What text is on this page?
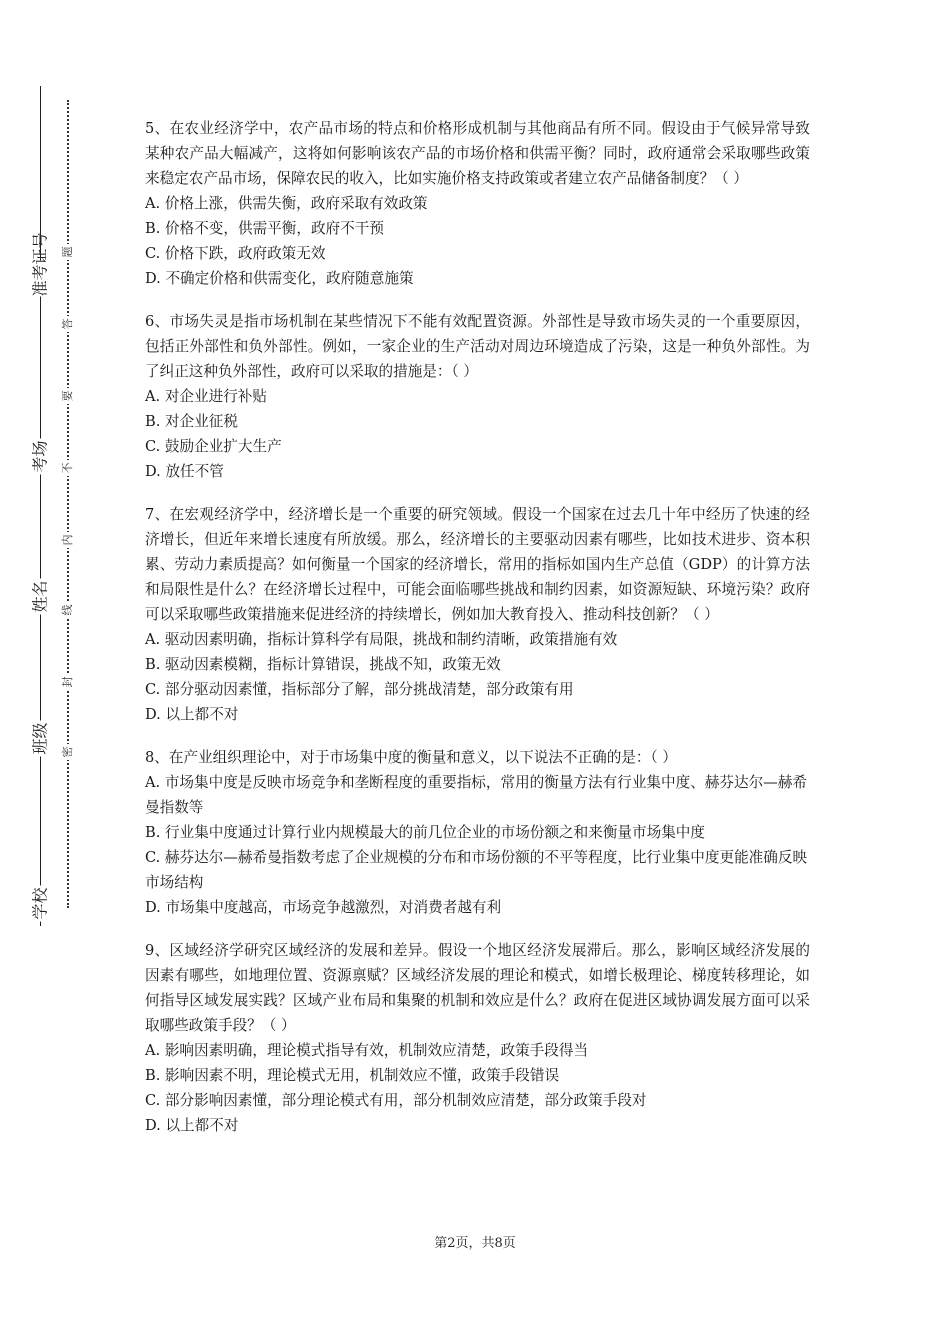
准考证号
考场
姓名
班级
学校
题
答
要
不
内
线
封
密

5、在农业经济学中，农产品市场的特点和价格形成机制与其他商品有所不同。假设由于气候异常导致某种农产品大幅减产，这将如何影响该农产品的市场价格和供需平衡？同时，政府通常会采取哪些政策来稳定农产品市场，保障农民的收入，比如实施价格支持政策或者建立农产品储备制度？（ ）

A. 价格上涨，供需失衡，政府采取有效政策

B. 价格不变，供需平衡，政府不干预

C. 价格下跌，政府政策无效

D. 不确定价格和供需变化，政府随意施策

6、市场失灵是指市场机制在某些情况下不能有效配置资源。外部性是导致市场失灵的一个重要原因，包括正外部性和负外部性。例如，一家企业的生产活动对周边环境造成了污染，这是一种负外部性。为了纠正这种负外部性，政府可以采取的措施是：（ ）

A. 对企业进行补贴

B. 对企业征税

C. 鼓励企业扩大生产

D. 放任不管

7、在宏观经济学中，经济增长是一个重要的研究领域。假设一个国家在过去几十年中经历了快速的经济增长，但近年来增长速度有所放缓。那么，经济增长的主要驱动因素有哪些，比如技术进步、资本积累、劳动力素质提高？如何衡量一个国家的经济增长，常用的指标如国内生产总值（GDP）的计算方法和局限性是什么？在经济增长过程中，可能会面临哪些挑战和制约因素，如资源短缺、环境污染？政府可以采取哪些政策措施来促进经济的持续增长，例如加大教育投入、推动科技创新？（ ）

A. 驱动因素明确，指标计算科学有局限，挑战和制约清晰，政策措施有效

B. 驱动因素模糊，指标计算错误，挑战不知，政策无效

C. 部分驱动因素懂，指标部分了解，部分挑战清楚，部分政策有用

D. 以上都不对

8、在产业组织理论中，对于市场集中度的衡量和意义，以下说法不正确的是：（ ）

A. 市场集中度是反映市场竞争和垄断程度的重要指标，常用的衡量方法有行业集中度、赫芬达尔—赫希曼指数等

B. 行业集中度通过计算行业内规模最大的前几位企业的市场份额之和来衡量市场集中度

C. 赫芬达尔—赫希曼指数考虑了企业规模的分布和市场份额的不平等程度，比行业集中度更能准确反映市场结构

D. 市场集中度越高，市场竞争越激烈，对消费者越有利

9、区域经济学研究区域经济的发展和差异。假设一个地区经济发展滞后。那么，影响区域经济发展的因素有哪些，如地理位置、资源禀赋？区域经济发展的理论和模式，如增长极理论、梯度转移理论，如何指导区域发展实践？区域产业布局和集聚的机制和效应是什么？政府在促进区域协调发展方面可以采取哪些政策手段？（ ）

A. 影响因素明确，理论模式指导有效，机制效应清楚，政策手段得当

B. 影响因素不明，理论模式无用，机制效应不懂，政策手段错误

C. 部分影响因素懂，部分理论模式有用，部分机制效应清楚，部分政策手段对

D. 以上都不对

第2页，共8页
